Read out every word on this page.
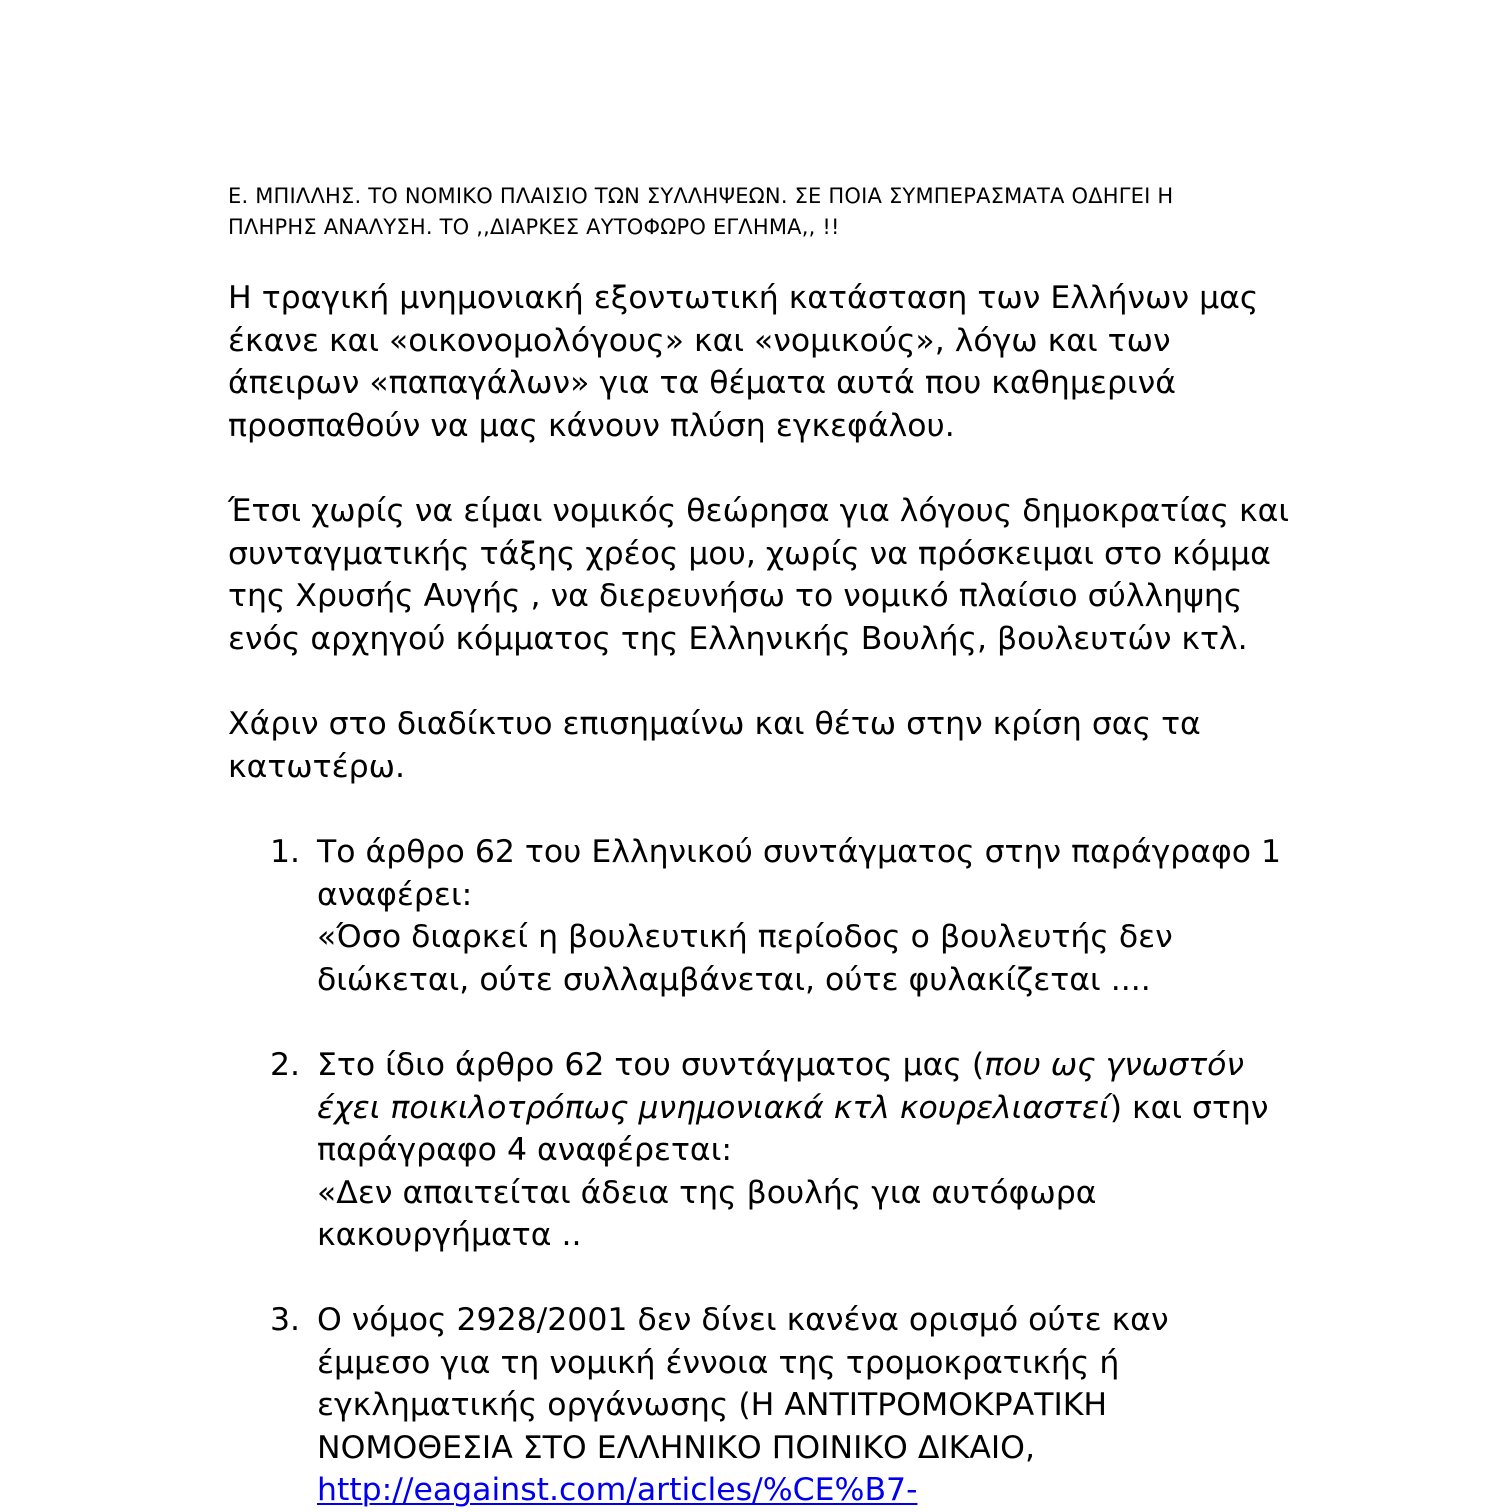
Ε. ΜΠΙΛΛΗΣ. ΤΟ ΝΟΜΙΚΟ ΠΛΑΙΣΙΟ ΤΩΝ ΣΥΛΛΗΨΕΩΝ. ΣΕ ΠΟΙΑ ΣΥΜΠΕΡΑΣΜΑΤΑ ΟΔΗΓΕΙ Η
ΠΛΗΡΗΣ ΑΝΑΛΥΣΗ. ΤΟ ,,ΔΙΑΡΚΕΣ ΑΥΤΟΦΩΡΟ ΕΓΛΗΜΑ,, !!
Η τραγική μνημονιακή εξοντωτική κατάσταση των Ελλήνων μας
έκανε και «οικονομολόγους» και «νομικούς», λόγω και των
άπειρων «παπαγάλων» για τα θέματα αυτά που καθημερινά
προσπαθούν να μας κάνουν πλύση εγκεφάλου.
Έτσι χωρίς να είμαι νομικός θεώρησα για λόγους δημοκρατίας και
συνταγματικής τάξης χρέος μου, χωρίς να πρόσκειμαι στο κόμμα
της Χρυσής Αυγής , να διερευνήσω το νομικό πλαίσιο σύλληψης
ενός αρχηγού κόμματος της Ελληνικής Βουλής, βουλευτών κτλ.
Χάριν στο διαδίκτυο επισημαίνω και θέτω στην κρίση σας τα
κατωτέρω.
1. Το άρθρο 62 του Ελληνικού συντάγματος στην παράγραφο 1
αναφέρει:
«Όσο διαρκεί η βουλευτική περίοδος ο βουλευτής δεν
διώκεται, ούτε συλλαμβάνεται, ούτε φυλακίζεται ....
2. Στο ίδιο άρθρο 62 του συντάγματος μας (που ως γνωστόν
έχει ποικιλοτρόπως μνημονιακά κτλ κουρελιαστεί) και στην
παράγραφο 4 αναφέρεται:
«Δεν απαιτείται άδεια της βουλής για αυτόφωρα
κακουργήματα ..
3. Ο νόμος 2928/2001 δεν δίνει κανένα ορισμό ούτε καν
έμμεσο για τη νομική έννοια της τρομοκρατικής ή
εγκληματικής οργάνωσης (Η ΑΝΤΙΤΡΟΜΟΚΡΑΤΙΚΗ
ΝΟΜΟΘΕΣΙΑ ΣΤΟ ΕΛΛΗΝΙΚΟ ΠΟΙΝΙΚΟ ΔΙΚΑΙΟ,
http://eagainst.com/articles/%CE%B7-
